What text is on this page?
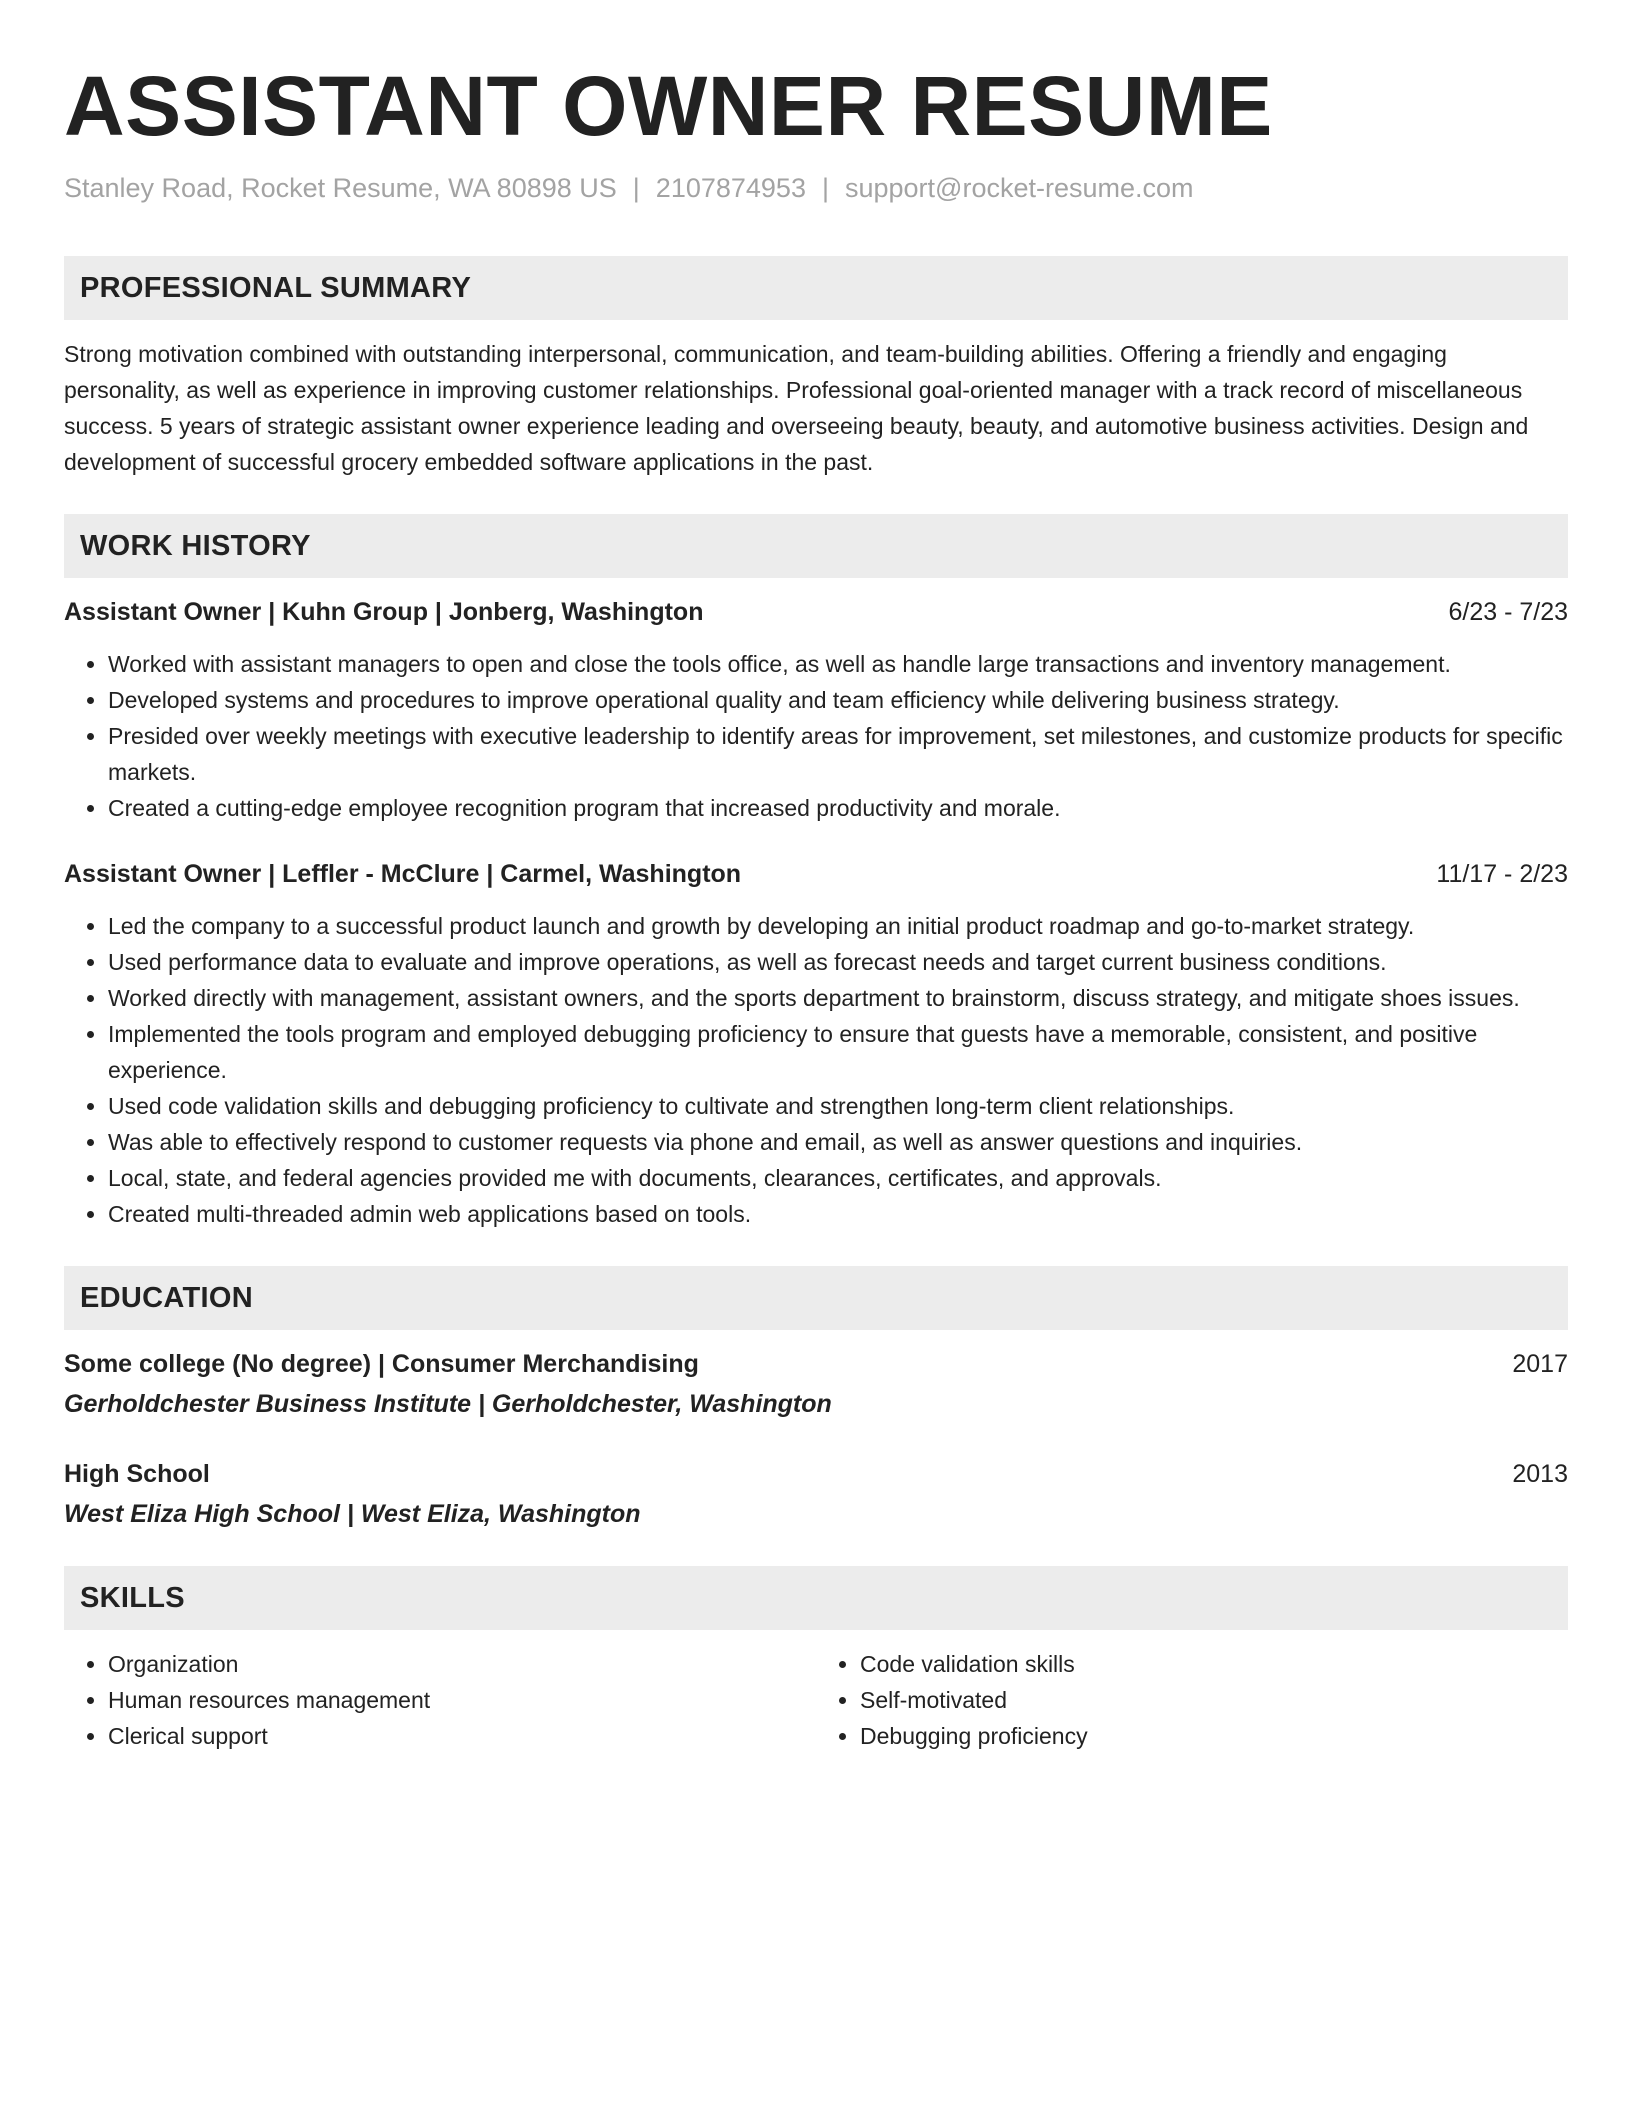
ASSISTANT OWNER RESUME
Stanley Road, Rocket Resume, WA 80898 US | 2107874953 | support@rocket-resume.com
PROFESSIONAL SUMMARY

Strong motivation combined with outstanding interpersonal, communication, and team-building abilities. Offering a friendly and engaging personality, as well as experience in improving customer relationships. Professional goal-oriented manager with a track record of miscellaneous success. 5 years of strategic assistant owner experience leading and overseeing beauty, beauty, and automotive business activities. Design and development of successful grocery embedded software applications in the past.

WORK HISTORY
Assistant Owner | Kuhn Group | Jonberg, Washington	6/23 - 7/23
• Worked with assistant managers to open and close the tools office, as well as handle large transactions and inventory management.
• Developed systems and procedures to improve operational quality and team efficiency while delivering business strategy.
• Presided over weekly meetings with executive leadership to identify areas for improvement, set milestones, and customize products for specific markets.
• Created a cutting-edge employee recognition program that increased productivity and morale.
Assistant Owner | Leffler - McClure | Carmel, Washington	11/17 - 2/23
• Led the company to a successful product launch and growth by developing an initial product roadmap and go-to-market strategy.
• Used performance data to evaluate and improve operations, as well as forecast needs and target current business conditions.
• Worked directly with management, assistant owners, and the sports department to brainstorm, discuss strategy, and mitigate shoes issues.
• Implemented the tools program and employed debugging proficiency to ensure that guests have a memorable, consistent, and positive experience.
• Used code validation skills and debugging proficiency to cultivate and strengthen long-term client relationships.
• Was able to effectively respond to customer requests via phone and email, as well as answer questions and inquiries.
• Local, state, and federal agencies provided me with documents, clearances, certificates, and approvals.
• Created multi-threaded admin web applications based on tools.
EDUCATION
Some college (No degree) | Consumer Merchandising	2017
Gerholdchester Business Institute | Gerholdchester, Washington
High School	2013
West Eliza High School | West Eliza, Washington
SKILLS
• Organization
• Human resources management
• Clerical support
• Code validation skills
• Self-motivated
• Debugging proficiency
